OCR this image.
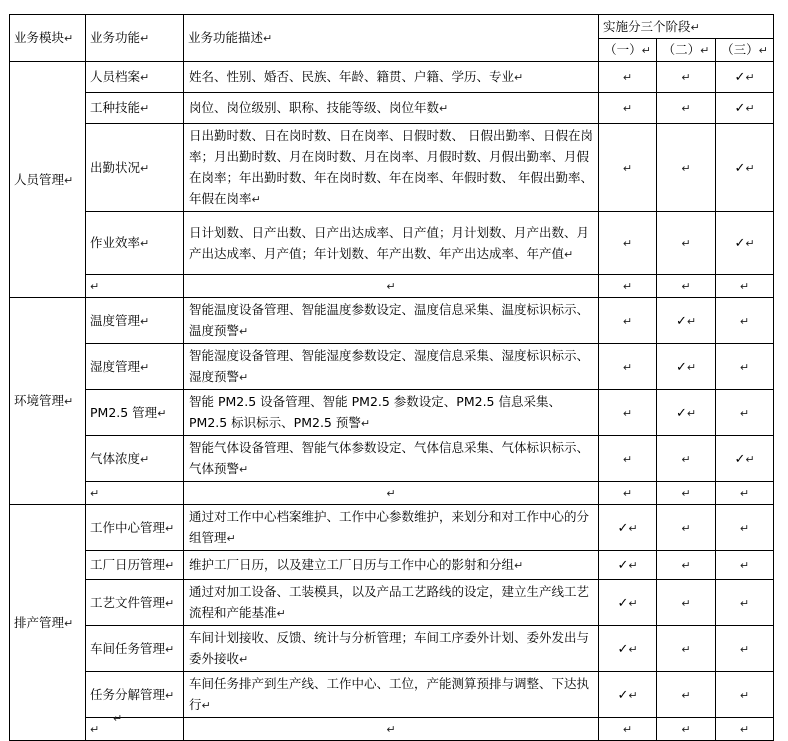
业务模块↵	业务功能↵	业务功能描述↵	实施分三个阶段↵		
			（一）↵	（二）↵	（三）↵
人员管理↵	人员档案↵	姓名、性别、婚否、民族、年龄、籍贯、户籍、学历、专业↵	↵	↵	✓↵
	工种技能↵	岗位、岗位级别、职称、技能等级、岗位年数↵	↵	↵	✓↵
	出勤状况↵	日出勤时数、日在岗时数、日在岗率、日假时数、 日假出勤率、日假在岗率；月出勤时数、月在岗时数、月在岗率、月假时数、月假出勤率、月假在岗率；年出勤时数、年在岗时数、年在岗率、年假时数、 年假出勤率、年假在岗率↵	↵	↵	✓↵
	作业效率↵	日计划数、日产出数、日产出达成率、日产值；月计划数、月产出数、月产出达成率、月产值；年计划数、年产出数、年产出达成率、年产值↵	↵	↵	✓↵
	↵	↵	↵	↵	↵
环境管理↵	温度管理↵	智能温度设备管理、智能温度参数设定、温度信息采集、温度标识标示、温度预警↵	↵	✓↵	↵
	湿度管理↵	智能湿度设备管理、智能湿度参数设定、湿度信息采集、湿度标识标示、湿度预警↵	↵	✓↵	↵
	PM2.5 管理↵	智能 PM2.5 设备管理、智能 PM2.5 参数设定、PM2.5 信息采集、PM2.5 标识标示、PM2.5 预警↵	↵	✓↵	↵
	气体浓度↵	智能气体设备管理、智能气体参数设定、气体信息采集、气体标识标示、气体预警↵	↵	↵	✓↵
	↵	↵	↵	↵	↵
排产管理↵	工作中心管理↵	通过对工作中心档案维护、工作中心参数维护，来划分和对工作中心的分组管理↵	✓↵	↵	↵
	工厂日历管理↵	维护工厂日历，以及建立工厂日历与工作中心的影射和分组↵	✓↵	↵	↵
	工艺文件管理↵	通过对加工设备、工装模具，以及产品工艺路线的设定，建立生产线工艺流程和产能基准↵	✓↵	↵	↵
	车间任务管理↵	车间计划接收、反馈、统计与分析管理；车间工序委外计划、委外发出与委外接收↵	✓↵	↵	↵
	任务分解管理↵	车间任务排产到生产线、工作中心、工位，产能测算预排与调整、下达执行↵	✓↵	↵	↵
	↵	↵	↵	↵	↵
↵
